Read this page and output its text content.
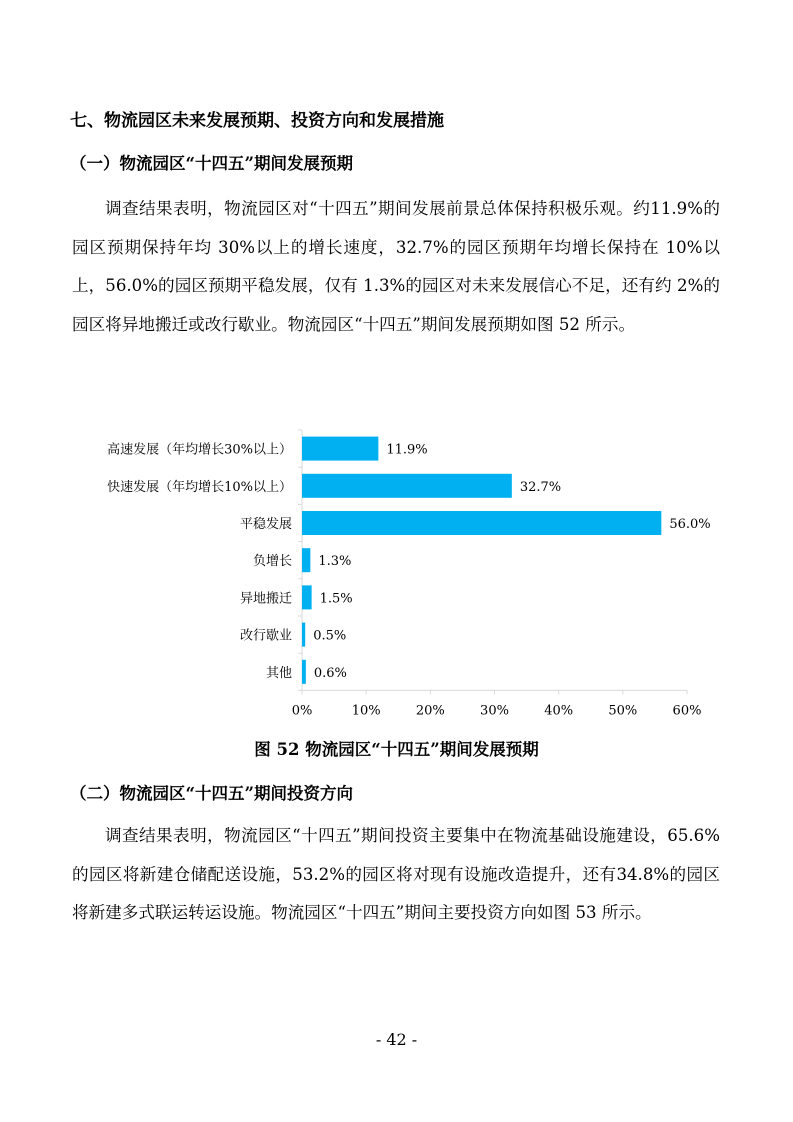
七、物流园区未来发展预期、投资方向和发展措施
（一）物流园区“十四五”期间发展预期
调查结果表明，物流园区对“十四五”期间发展前景总体保持积极乐观。约11.9%的园区预期保持年均 30%以上的增长速度，32.7%的园区预期年均增长保持在 10%以上，56.0%的园区预期平稳发展，仅有 1.3%的园区对未来发展信心不足，还有约 2%的园区将异地搬迁或改行歇业。物流园区“十四五”期间发展预期如图 52 所示。
高速发展（年均增长30%以上）	11.9%
快速发展（年均增长10%以上）	32.7%
平稳发展	56.0%
负增长 1.3%
异地搬迁 1.5%
改行歇业 0.5%
其他 0.6%
0%	10%	20%	30%	40%	50%	60%
图 52 物流园区“十四五”期间发展预期
（二）物流园区“十四五”期间投资方向
调查结果表明，物流园区“十四五”期间投资主要集中在物流基础设施建设，65.6%的园区将新建仓储配送设施，53.2%的园区将对现有设施改造提升，还有34.8%的园区将新建多式联运转运设施。物流园区“十四五”期间主要投资方向如图 53 所示。
- 42 -
